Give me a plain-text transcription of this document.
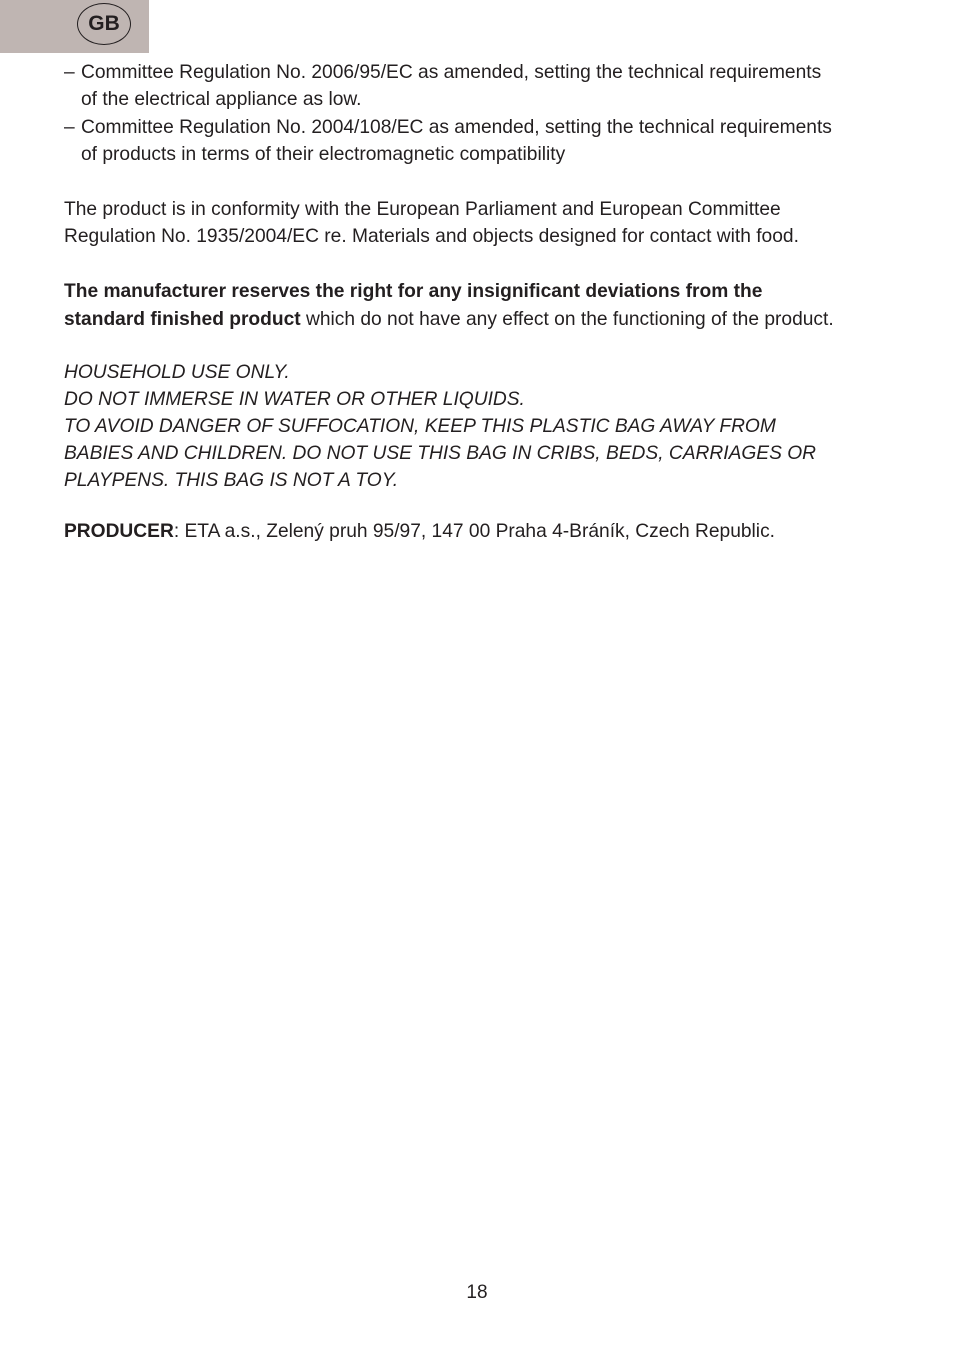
GB
– Committee Regulation No. 2006/95/EC as amended, setting the technical requirements
of the electrical appliance as low.
– Committee Regulation No. 2004/108/EC as amended, setting the technical requirements
of products in terms of their electromagnetic compatibility

The product is in conformity with the European Parliament and European Committee
Regulation No. 1935/2004/EC re. Materials and objects designed for contact with food.

The manufacturer reserves the right for any insignificant deviations from the
standard finished product which do not have any effect on the functioning of the product.

HOUSEHOLD USE ONLY.
DO NOT IMMERSE IN WATER OR OTHER LIQUIDS.
TO AVOID DANGER OF SUFFOCATION, KEEP THIS PLASTIC BAG AWAY FROM
BABIES AND CHILDREN. DO NOT USE THIS BAG IN CRIBS, BEDS, CARRIAGES OR
PLAYPENS. THIS BAG IS NOT A TOY.

PRODUCER: ETA a.s., Zelený pruh 95/97, 147 00 Praha 4-Bráník, Czech Republic.

18
